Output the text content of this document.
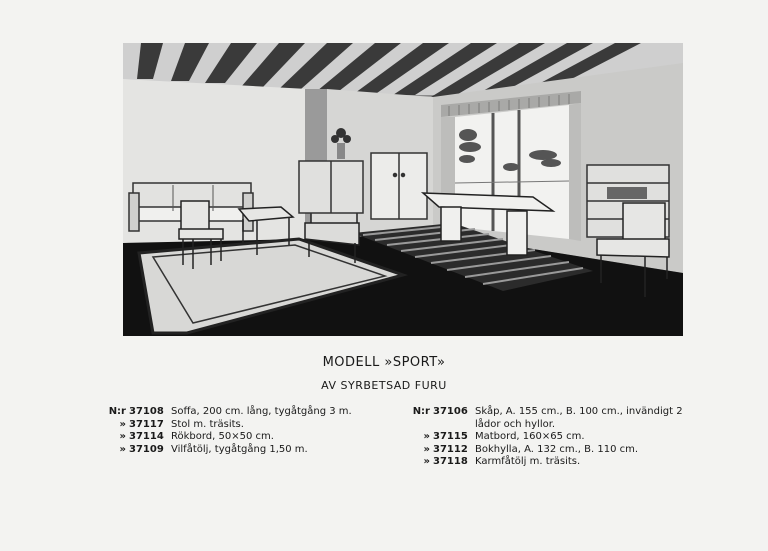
MODELL »SPORT»
AV SYRBETSAD FURU
N:r 37108 Soffa, 200 cm. lång, tygåtgång 3 m.
» 37117 Stol m. träsits.
» 37114 Rökbord, 50×50 cm.
» 37109 Vilfåtölj, tygåtgång 1,50 m.
N:r 37106 Skåp, A. 155 cm., B. 100 cm., invändigt 2 lådor och hyllor.
» 37115 Matbord, 160×65 cm.
» 37112 Bokhylla, A. 132 cm., B. 110 cm.
» 37118 Karmfåtölj m. träsits.
